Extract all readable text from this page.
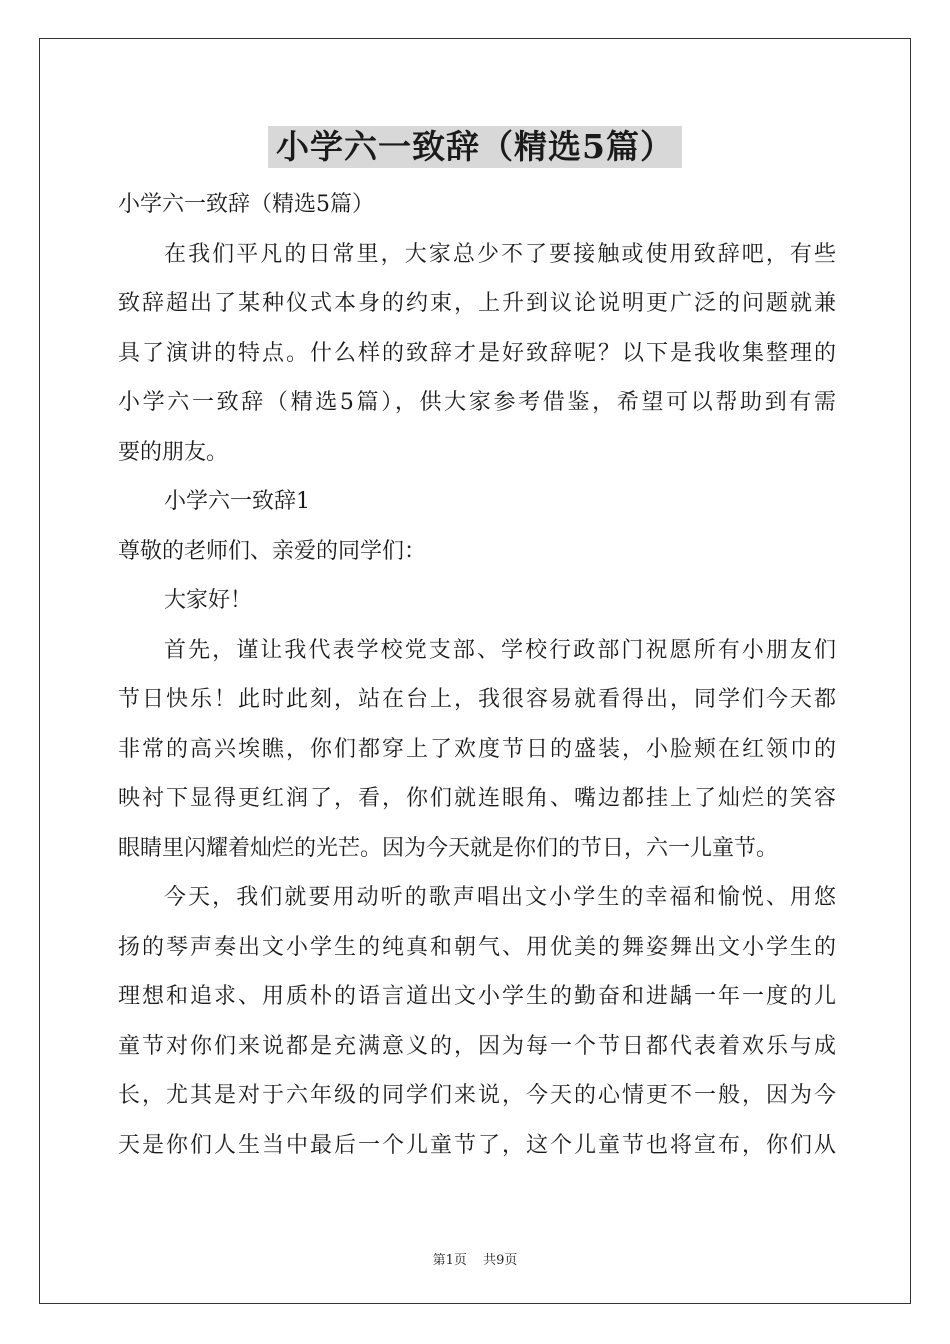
小学六一致辞（精选5篇）
小学六一致辞（精选5篇）
在我们平凡的日常里，大家总少不了要接触或使用致辞吧，有些
致辞超出了某种仪式本身的约束，上升到议论说明更广泛的问题就兼
具了演讲的特点。什么样的致辞才是好致辞呢？以下是我收集整理的
小学六一致辞（精选5篇），供大家参考借鉴，希望可以帮助到有需
要的朋友。
小学六一致辞1
尊敬的老师们、亲爱的同学们：
大家好！
首先，谨让我代表学校党支部、学校行政部门祝愿所有小朋友们
节日快乐！此时此刻，站在台上，我很容易就看得出，同学们今天都
非常的高兴埃瞧，你们都穿上了欢度节日的盛装，小脸颊在红领巾的
映衬下显得更红润了，看，你们就连眼角、嘴边都挂上了灿烂的笑容
眼睛里闪耀着灿烂的光芒。因为今天就是你们的节日，六一儿童节。
今天，我们就要用动听的歌声唱出文小学生的幸福和愉悦、用悠
扬的琴声奏出文小学生的纯真和朝气、用优美的舞姿舞出文小学生的
理想和追求、用质朴的语言道出文小学生的勤奋和进龋一年一度的儿
童节对你们来说都是充满意义的，因为每一个节日都代表着欢乐与成
长，尤其是对于六年级的同学们来说，今天的心情更不一般，因为今
天是你们人生当中最后一个儿童节了，这个儿童节也将宣布，你们从
第1页 共9页
